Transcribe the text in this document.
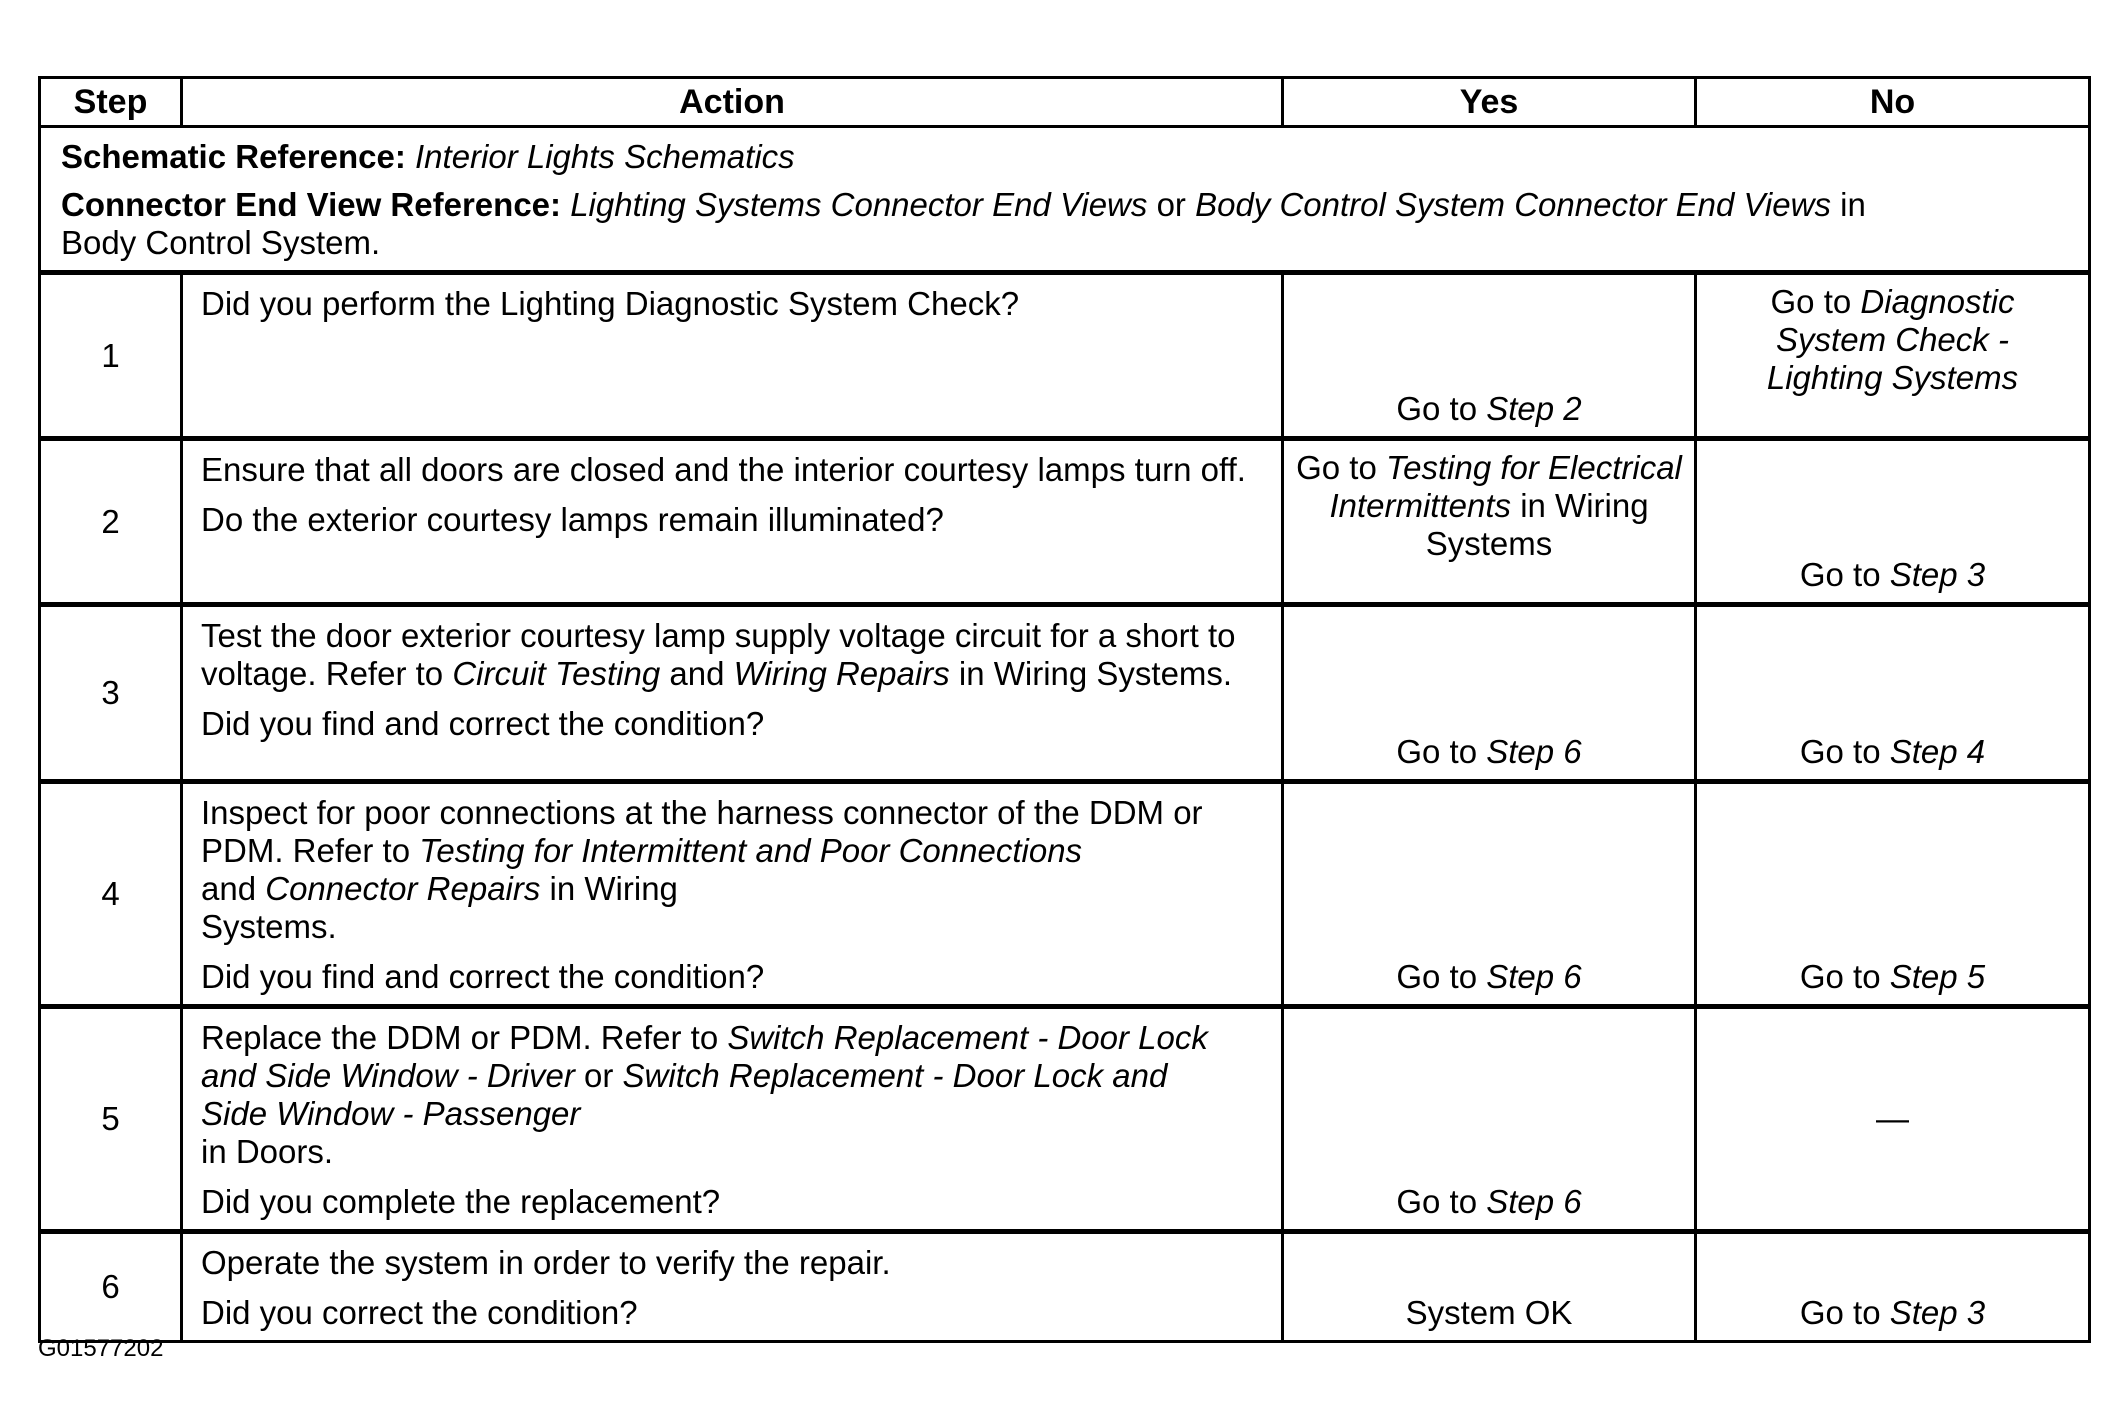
Step	Action	Yes	No

Schematic Reference: Interior Lights Schematics
Connector End View Reference: Lighting Systems Connector End Views or Body Control System Connector End Views in Body Control System.			

1	Did you perform the Lighting Diagnostic System Check?	Go to Step 2	Go to Diagnostic System Check - Lighting Systems

2	Ensure that all doors are closed and the interior courtesy lamps turn off.
Do the exterior courtesy lamps remain illuminated?	Go to Testing for Electrical Intermittents in Wiring Systems	Go to Step 3

3	Test the door exterior courtesy lamp supply voltage circuit for a short to voltage. Refer to Circuit Testing and Wiring Repairs in Wiring Systems.
Did you find and correct the condition?	Go to Step 6	Go to Step 4

4	Inspect for poor connections at the harness connector of the DDM or PDM. Refer to Testing for Intermittent and Poor Connections
and Connector Repairs in Wiring
Systems.
Did you find and correct the condition?	Go to Step 6	Go to Step 5

5	Replace the DDM or PDM. Refer to Switch Replacement - Door Lock and Side Window - Driver or Switch Replacement - Door Lock and Side Window - Passenger
in Doors.
Did you complete the replacement?	Go to Step 6	—

6	Operate the system in order to verify the repair.
Did you correct the condition?	System OK	Go to Step 3
G01577202
